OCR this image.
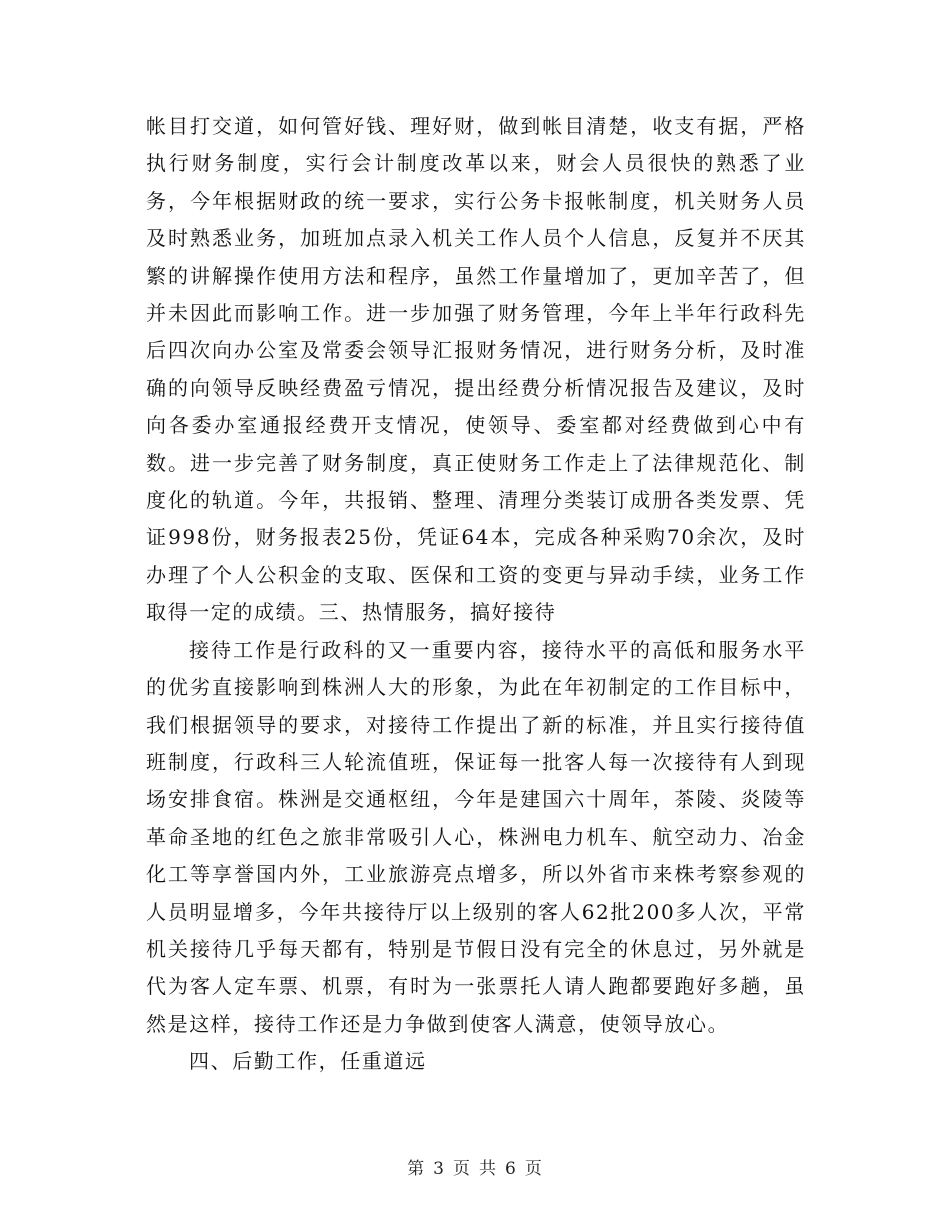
帐目打交道，如何管好钱、理好财，做到帐目清楚，收支有据，严格执行财务制度，实行会计制度改革以来，财会人员很快的熟悉了业务，今年根据财政的统一要求，实行公务卡报帐制度，机关财务人员及时熟悉业务，加班加点录入机关工作人员个人信息，反复并不厌其繁的讲解操作使用方法和程序，虽然工作量增加了，更加辛苦了，但并未因此而影响工作。进一步加强了财务管理，今年上半年行政科先后四次向办公室及常委会领导汇报财务情况，进行财务分析，及时准确的向领导反映经费盈亏情况，提出经费分析情况报告及建议，及时向各委办室通报经费开支情况，使领导、委室都对经费做到心中有数。进一步完善了财务制度，真正使财务工作走上了法律规范化、制度化的轨道。今年，共报销、整理、清理分类装订成册各类发票、凭证998份，财务报表25份，凭证64本，完成各种采购70余次，及时办理了个人公积金的支取、医保和工资的变更与异动手续，业务工作取得一定的成绩。三、热情服务，搞好接待

接待工作是行政科的又一重要内容，接待水平的高低和服务水平的优劣直接影响到株洲人大的形象，为此在年初制定的工作目标中，我们根据领导的要求，对接待工作提出了新的标准，并且实行接待值班制度，行政科三人轮流值班，保证每一批客人每一次接待有人到现场安排食宿。株洲是交通枢纽，今年是建国六十周年，茶陵、炎陵等革命圣地的红色之旅非常吸引人心，株洲电力机车、航空动力、冶金化工等享誉国内外，工业旅游亮点增多，所以外省市来株考察参观的人员明显增多，今年共接待厅以上级别的客人62批200多人次，平常机关接待几乎每天都有，特别是节假日没有完全的休息过，另外就是代为客人定车票、机票，有时为一张票托人请人跑都要跑好多趟，虽然是这样，接待工作还是力争做到使客人满意，使领导放心。

四、后勤工作，任重道远

第 3 页 共 6 页
